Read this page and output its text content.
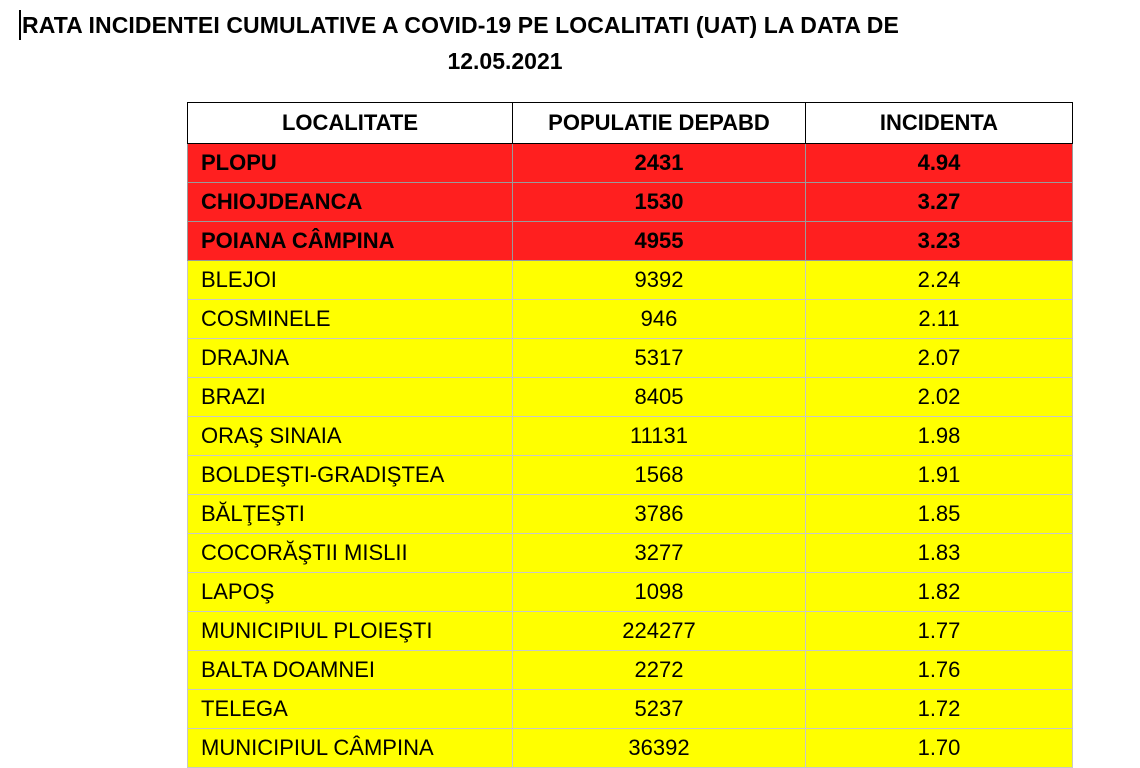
RATA INCIDENTEI CUMULATIVE A COVID-19 PE LOCALITATI (UAT) LA DATA DE
12.05.2021
LOCALITATE	POPULATIE DEPABD	INCIDENTA
PLOPU	2431	4.94
CHIOJDEANCA	1530	3.27
POIANA CÂMPINA	4955	3.23
BLEJOI	9392	2.24
COSMINELE	946	2.11
DRAJNA	5317	2.07
BRAZI	8405	2.02
ORAŞ SINAIA	11131	1.98
BOLDEŞTI-GRADIŞTEA	1568	1.91
BĂLŢEŞTI	3786	1.85
COCORĂŞTII MISLII	3277	1.83
LAPOŞ	1098	1.82
MUNICIPIUL PLOIEŞTI	224277	1.77
BALTA DOAMNEI	2272	1.76
TELEGA	5237	1.72
MUNICIPIUL CÂMPINA	36392	1.70
